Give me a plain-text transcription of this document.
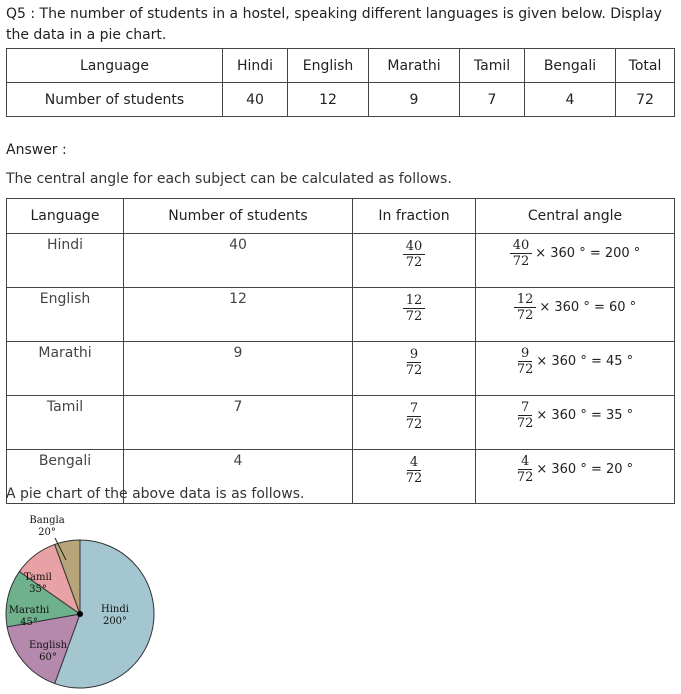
Q5 : The number of students in a hostel, speaking different languages is given below. Display the data in a pie chart.
Language	Hindi	English	Marathi	Tamil	Bengali	Total
Number of students	40	12	9	7	4	72
Answer :
The central angle for each subject can be calculated as follows.
Language	Number of students	In fraction	Central angle
Hindi	40	$\frac{40}{72}$	$\frac{40}{72} \times 360$ ° = 200 °

English	12	$\frac{12}{72}$	$\frac{12}{72} \times 360$ ° = 60 °

Marathi	9	$\frac{9}{72}$	$\frac{9}{72} \times 360$ ° = 45 °

Tamil	7	$\frac{7}{72}$	$\frac{7}{72} \times 360$ ° = 35 °

Bengali	4	$\frac{4}{72}$	$\frac{4}{72} \times 360$ ° = 20 °
A pie chart of the above data is as follows.
Hindi
200°
English
60°
Marathi
45°
Tamil
35°
Bangla
20°
